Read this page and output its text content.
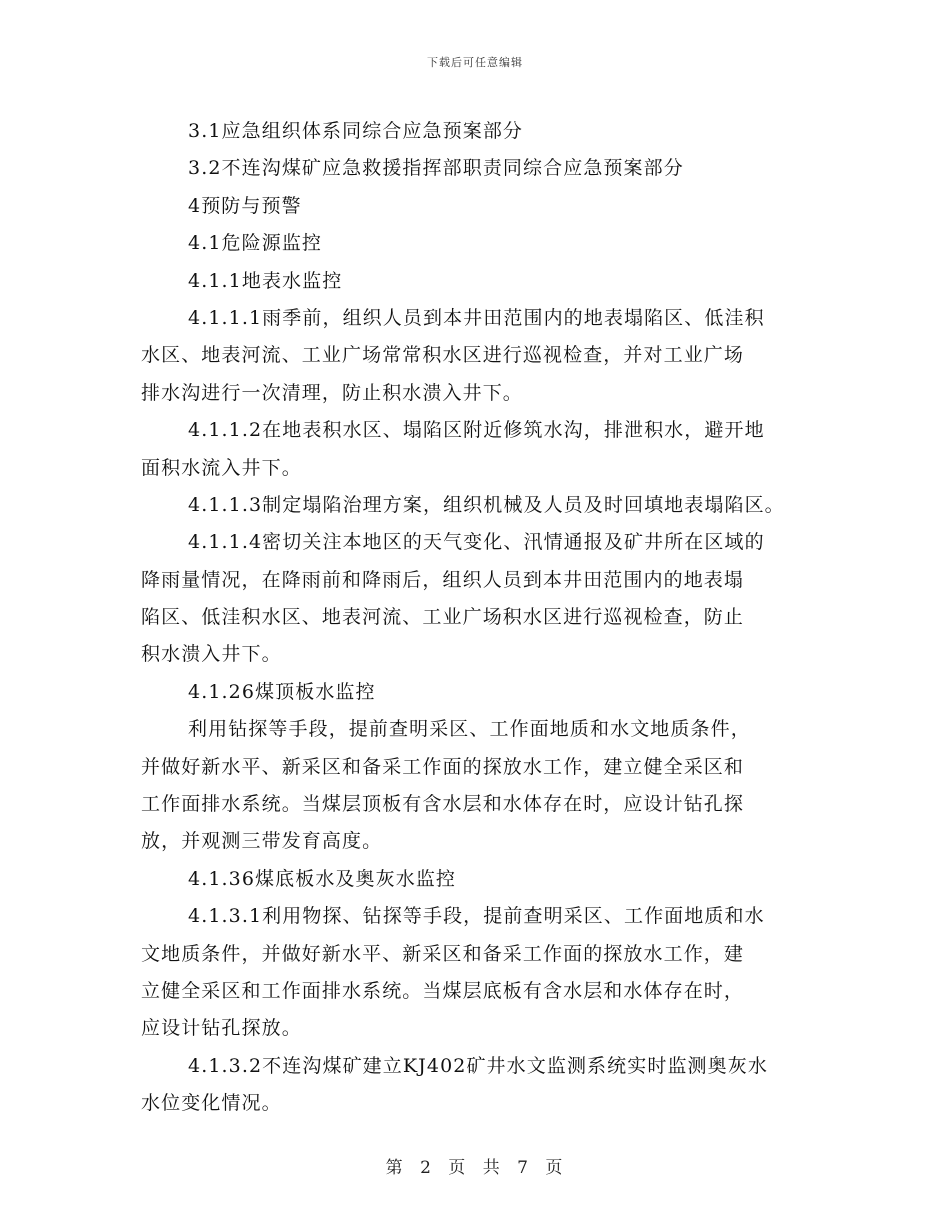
下载后可任意编辑
3.1应急组织体系同综合应急预案部分
3.2不连沟煤矿应急救援指挥部职责同综合应急预案部分
4预防与预警
4.1危险源监控
4.1.1地表水监控
4.1.1.1雨季前，组织人员到本井田范围内的地表塌陷区、低洼积
水区、地表河流、工业广场常常积水区进行巡视检查，并对工业广场
排水沟进行一次清理，防止积水溃入井下。
4.1.1.2在地表积水区、塌陷区附近修筑水沟，排泄积水，避开地
面积水流入井下。
4.1.1.3制定塌陷治理方案，组织机械及人员及时回填地表塌陷区。
4.1.1.4密切关注本地区的天气变化、汛情通报及矿井所在区域的
降雨量情况，在降雨前和降雨后，组织人员到本井田范围内的地表塌
陷区、低洼积水区、地表河流、工业广场积水区进行巡视检查，防止
积水溃入井下。
4.1.26煤顶板水监控
利用钻探等手段，提前查明采区、工作面地质和水文地质条件，
并做好新水平、新采区和备采工作面的探放水工作，建立健全采区和
工作面排水系统。当煤层顶板有含水层和水体存在时，应设计钻孔探
放，并观测三带发育高度。
4.1.36煤底板水及奥灰水监控
4.1.3.1利用物探、钻探等手段，提前查明采区、工作面地质和水
文地质条件，并做好新水平、新采区和备采工作面的探放水工作，建
立健全采区和工作面排水系统。当煤层底板有含水层和水体存在时，
应设计钻孔探放。
4.1.3.2不连沟煤矿建立KJ402矿井水文监测系统实时监测奥灰水
水位变化情况。
第 2 页 共 7 页
